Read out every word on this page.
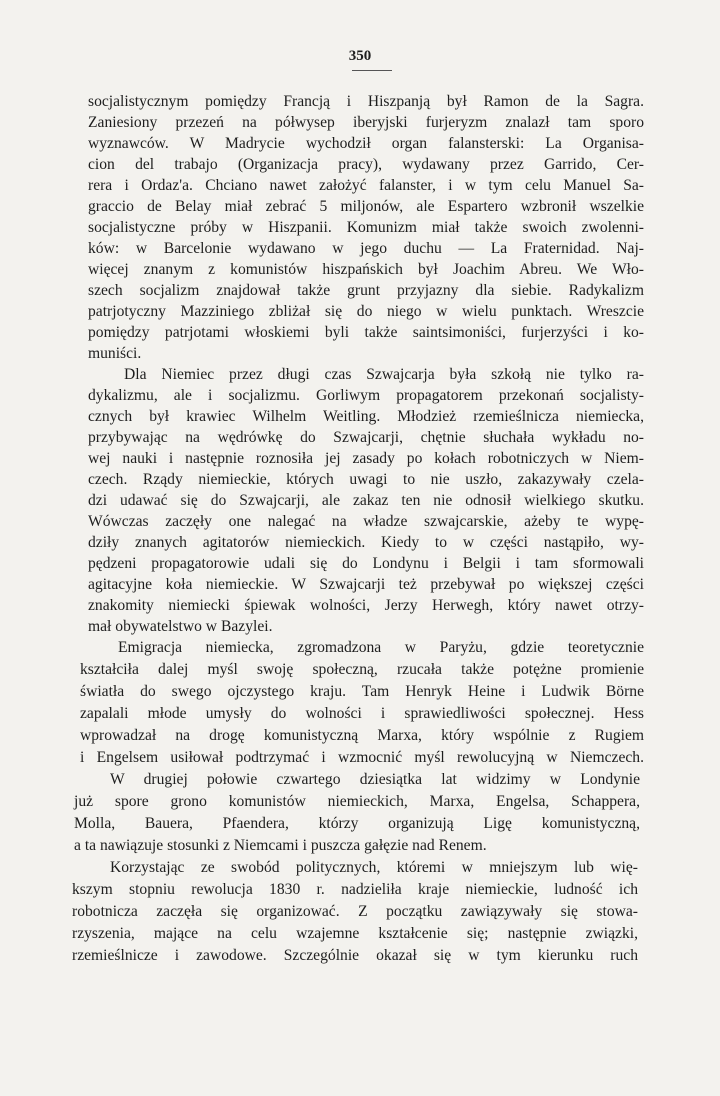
350
socjalistycznym pomiędzy Francją i Hiszpanją był Ramon de la Sagra.
Zaniesiony przezeń na półwysep iberyjski furjeryzm znalazł tam sporo
wyznawców. W Madrycie wychodził organ falansterski: La Organisa-
cion del trabajo (Organizacja pracy), wydawany przez Garrido, Cer-
rera i Ordaz'a. Chciano nawet założyć falanster, i w tym celu Manuel Sa-
graccio de Belay miał zebrać 5 miljonów, ale Espartero wzbronił wszelkie
socjalistyczne próby w Hiszpanii. Komunizm miał także swoich zwolenni-
ków: w Barcelonie wydawano w jego duchu — La Fraternidad. Naj-
więcej znanym z komunistów hiszpańskich był Joachim Abreu. We Wło-
szech socjalizm znajdował także grunt przyjazny dla siebie. Radykalizm
patrjotyczny Mazziniego zbliżał się do niego w wielu punktach. Wreszcie
pomiędzy patrjotami włoskiemi byli także saintsimoniści, furjerzyści i ko-
muniści.
Dla Niemiec przez długi czas Szwajcarja była szkołą nie tylko ra-
dykalizmu, ale i socjalizmu. Gorliwym propagatorem przekonań socjalisty-
cznych był krawiec Wilhelm Weitling. Młodzież rzemieślnicza niemiecka,
przybywając na wędrówkę do Szwajcarji, chętnie słuchała wykładu no-
wej nauki i następnie roznosiła jej zasady po kołach robotniczych w Niem-
czech. Rządy niemieckie, których uwagi to nie uszło, zakazywały czela-
dzi udawać się do Szwajcarji, ale zakaz ten nie odnosił wielkiego skutku.
Wówczas zaczęły one nalegać na władze szwajcarskie, ażeby te wypę-
dziły znanych agitatorów niemieckich. Kiedy to w części nastąpiło, wy-
pędzeni propagatorowie udali się do Londynu i Belgii i tam sformowali
agitacyjne koła niemieckie. W Szwajcarji też przebywał po większej części
znakomity niemiecki śpiewak wolności, Jerzy Herwegh, który nawet otrzy-
mał obywatelstwo w Bazylei.
Emigracja niemiecka, zgromadzona w Paryżu, gdzie teoretycznie
kształciła dalej myśl swoję społeczną, rzucała także potężne promienie
światła do swego ojczystego kraju. Tam Henryk Heine i Ludwik Börne
zapalali młode umysły do wolności i sprawiedliwości społecznej. Hess
wprowadzał na drogę komunistyczną Marxa, który wspólnie z Rugiem
i Engelsem usiłował podtrzymać i wzmocnić myśl rewolucyjną w Niemczech.
W drugiej połowie czwartego dziesiątka lat widzimy w Londynie
już spore grono komunistów niemieckich, Marxa, Engelsa, Schappera,
Molla, Bauera, Pfaendera, którzy organizują Ligę komunistyczną,
a ta nawiązuje stosunki z Niemcami i puszcza gałęzie nad Renem.
Korzystając ze swobód politycznych, któremi w mniejszym lub wię-
kszym stopniu rewolucja 1830 r. nadzieliła kraje niemieckie, ludność ich
robotnicza zaczęła się organizować. Z początku zawiązywały się stowa-
rzyszenia, mające na celu wzajemne kształcenie się; następnie związki,
rzemieślnicze i zawodowe. Szczególnie okazał się w tym kierunku ruch
